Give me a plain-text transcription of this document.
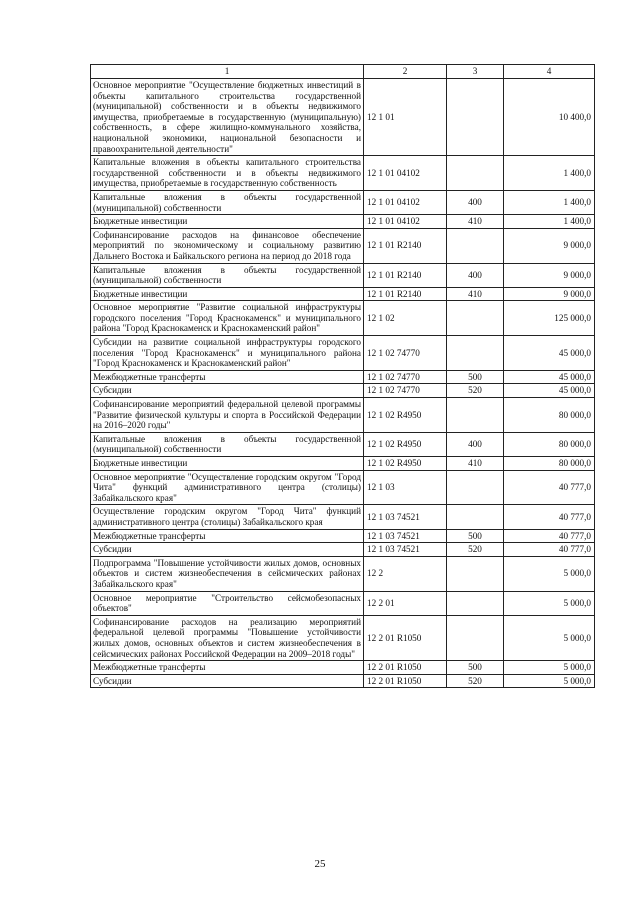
1	2	3	4
Основное мероприятие "Осуществление бюджетных инвестиций в объекты капитального строительства государственной (муниципальной) собственности и в объекты недвижимого имущества, приобретаемые в государственную (муниципальную) собственность, в сфере жилищно-коммунального хозяйства, национальной экономики, национальной безопасности и правоохранительной деятельности"	12 1 01		10 400,0
Капитальные вложения в объекты капитального строительства государственной собственности и в объекты недвижимого имущества, приобретаемые в государственную собственность	12 1 01 04102		1 400,0
Капитальные вложения в объекты государственной (муниципальной) собственности	12 1 01 04102	400	1 400,0
Бюджетные инвестиции	12 1 01 04102	410	1 400,0
Софинансирование расходов на финансовое обеспечение мероприятий по экономическому и социальному развитию Дальнего Востока и Байкальского региона на период до 2018 года	12 1 01 R2140		9 000,0
Капитальные вложения в объекты государственной (муниципальной) собственности	12 1 01 R2140	400	9 000,0
Бюджетные инвестиции	12 1 01 R2140	410	9 000,0
Основное мероприятие "Развитие социальной инфраструктуры городского поселения "Город Краснокаменск" и муниципального района "Город Краснокаменск и Краснокаменский район"	12 1 02		125 000,0
Субсидии на развитие социальной инфраструктуры городского поселения "Город Краснокаменск" и муниципального района "Город Краснокаменск и Краснокаменский район"	12 1 02 74770		45 000,0
Межбюджетные трансферты	12 1 02 74770	500	45 000,0
Субсидии	12 1 02 74770	520	45 000,0
Софинансирование мероприятий федеральной целевой программы "Развитие физической культуры и спорта в Российской Федерации на 2016–2020 годы"	12 1 02 R4950		80 000,0
Капитальные вложения в объекты государственной (муниципальной) собственности	12 1 02 R4950	400	80 000,0
Бюджетные инвестиции	12 1 02 R4950	410	80 000,0
Основное мероприятие "Осуществление городским округом "Город Чита" функций административного центра (столицы) Забайкальского края"	12 1 03		40 777,0
Осуществление городским округом "Город Чита" функций административного центра (столицы) Забайкальского края	12 1 03 74521		40 777,0
Межбюджетные трансферты	12 1 03 74521	500	40 777,0
Субсидии	12 1 03 74521	520	40 777,0
Подпрограмма "Повышение устойчивости жилых домов, основных объектов и систем жизнеобеспечения в сейсмических районах Забайкальского края"	12 2		5 000,0
Основное мероприятие "Строительство сейсмобезопасных объектов"	12 2 01		5 000,0
Софинансирование расходов на реализацию мероприятий федеральной целевой программы "Повышение устойчивости жилых домов, основных объектов и систем жизнеобеспечения в сейсмических районах Российской Федерации на 2009–2018 годы"	12 2 01 R1050		5 000,0
Межбюджетные трансферты	12 2 01 R1050	500	5 000,0
Субсидии	12 2 01 R1050	520	5 000,0
25
